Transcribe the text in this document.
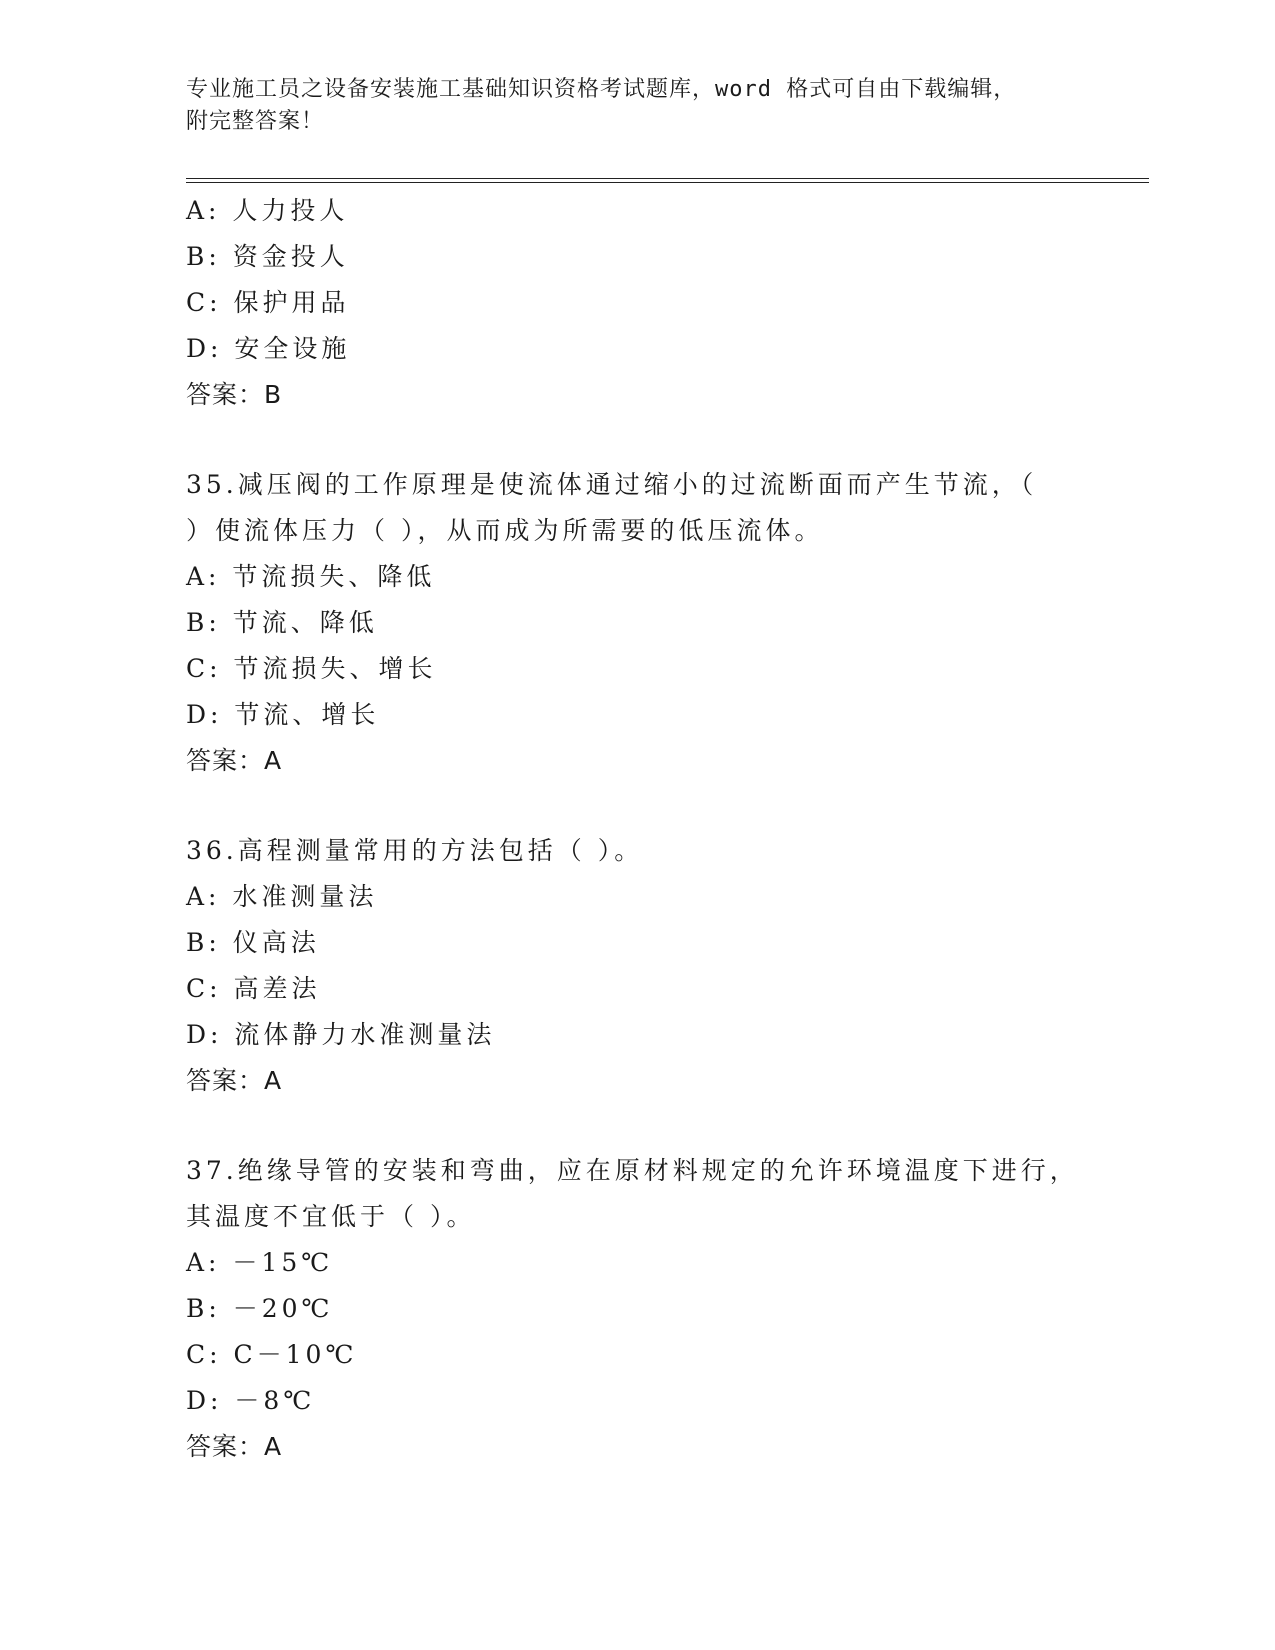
专业施工员之设备安装施工基础知识资格考试题库，word 格式可自由下载编辑，
附完整答案！
A: 人力投人
B: 资金投人
C: 保护用品
D: 安全设施
答案：B
35.减压阀的工作原理是使流体通过缩小的过流断面而产生节流，（
）使流体压力（ ），从而成为所需要的低压流体。
A: 节流损失、降低
B: 节流、降低
C: 节流损失、增长
D: 节流、增长
答案：A
36.高程测量常用的方法包括（ ）。
A: 水准测量法
B: 仪高法
C: 高差法
D: 流体静力水准测量法
答案：A
37.绝缘导管的安装和弯曲，应在原材料规定的允许环境温度下进行，
其温度不宜低于（ ）。
A: －15℃
B: －20℃
C: C－10℃
D: －8℃
答案：A
